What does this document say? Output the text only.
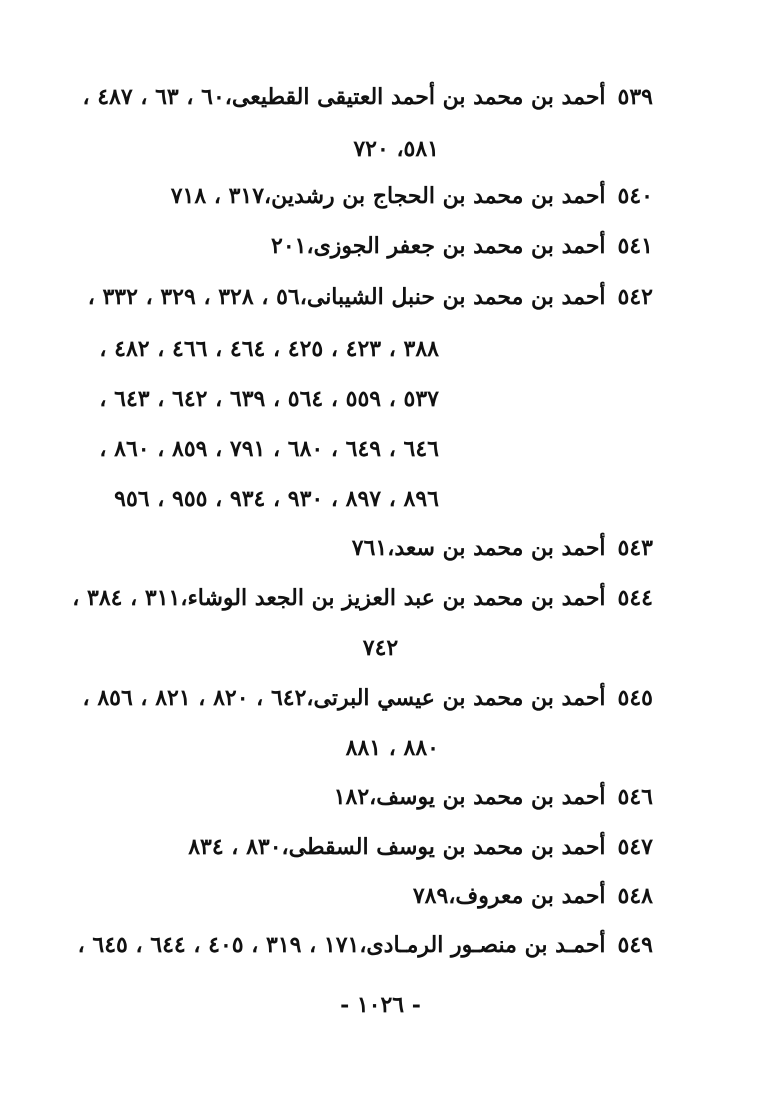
٥٣٩أحمد بن محمد بن أحمد العتيقى القطيعى،٦٠ ، ٦٣ ، ٤٨٧ ،
٥٨١، ٧٢٠
٥٤٠أحمد بن محمد بن الحجاج بن رشدين،٣١٧ ، ٧١٨
٥٤١أحمد بن محمد بن جعفر الجوزى،٢٠١
٥٤٢أحمد بن محمد بن حنبل الشيبانى،٥٦ ، ٣٢٨ ، ٣٢٩ ، ٣٣٢ ،
٣٨٨ ، ٤٢٣ ، ٤٢٥ ، ٤٦٤ ، ٤٦٦ ، ٤٨٢ ،
٥٣٧ ، ٥٥٩ ، ٥٦٤ ، ٦٣٩ ، ٦٤٢ ، ٦٤٣ ،
٦٤٦ ، ٦٤٩ ، ٦٨٠ ، ٧٩١ ، ٨٥٩ ، ٨٦٠ ،
٨٩٦ ، ٨٩٧ ، ٩٣٠ ، ٩٣٤ ، ٩٥٥ ، ٩٥٦
٥٤٣أحمد بن محمد بن سعد،٧٦١
٥٤٤أحمد بن محمد بن عبد العزيز بن الجعد الوشاء،٣١١ ، ٣٨٤ ،
٧٤٢
٥٤٥أحمد بن محمد بن عيسي البرتى،٦٤٢ ، ٨٢٠ ، ٨٢١ ، ٨٥٦ ،
٨٨٠ ، ٨٨١
٥٤٦أحمد بن محمد بن يوسف،١٨٢
٥٤٧أحمد بن محمد بن يوسف السقطى،٨٣٠ ، ٨٣٤
٥٤٨أحمد بن معروف،٧٨٩
٥٤٩أحمـد بن منصـور الرمـادى،١٧١ ، ٣١٩ ، ٤٠٥ ، ٦٤٤ ، ٦٤٥ ،
- ١٠٢٦ -
